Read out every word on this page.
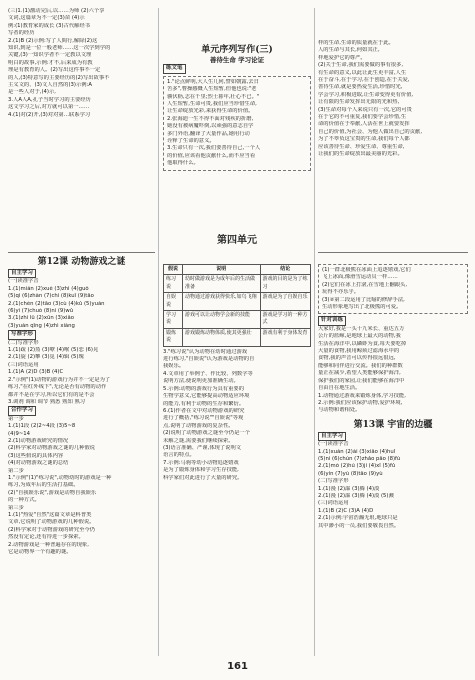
(三)1.(1)激动完后,以……为师 (2)六个享

文词,这篇章为不一定(3)苗 (4)示

例:(1)教育家的成长 (3)古代解经书

写者的经历

2.(1)B (2)示例:写了人間行,解除(2)这

知识,到是一位一般老师……这一次学到学的

关键,(3)一知识学者不一定教以文理

明白的故事,示例:才不,后来成为有教

理是有教育的人。(2)写出这件事不一定

的人,(3)特意写的主要经历的(2)写出故事不

主义文的、(3)文人自然的(3)示例:A

是一些人对于,(4)示,

3.人A人A,孔子当时学习的主要经历

这文学习之后,对方就可以第一……

4.(1)对(2)开,(3)对对第…联系学习

单元序列写作(三)
善待生命 学习论证
练文笔

1."论点鲜明,大人生几何,譬如朝露,去日

苦多",曹操感慨人生短暂,但他也说:"老

骥伏枥,志在千里;烈士暮年,壮心不已。"

人生短暂,生命可贵,我们应当珍惜生命,

让生命绽放光彩,来获得生命的价值。

2.张海迪一生不得不面对残疾的折磨,

她没有被病魔吓倒,以顽强的意志自学

多门外语,翻译了大量作品,她用行动

诠释了生命的意义。

3.生命只有一次,我们要善待自己,一个人

的价值,应该看他贡献什么,而不应当看

他取得什么。

样的生命,生命的质量就在于此。

人的生命与其长,何如其正,

样地爱护它的尊严。

(2)关于生命,我们需要做的事有很多,

有生命的意义,以此让此生更丰富,人生

在于奋斗,在于学习,在于创造,在于关爱,

善待生命,就是要热爱生活,珍惜时光,

学会学习,积极进取,让生命变得更有价值,

让有限的生命发挥出无限的光和热,

(3)生命对每个人来说只有一次,它的可贵

在于它的不可重复,我们要学会珍惜,生

命的价值在于奉献,人活在世上就要发挥

自己的价值,为社会、为他人做出自己的贡献,

为了不辜负这宝贵的生命,我们每个人都

应该善待生命、珍爱生命、尊重生命,

让我们的生命绽放出最美丽的光彩。

第四单元
第12课 动物游戏之谜
自主学习

(一)读准字音

1.(1)mián (2)xuè (3)zhì (4)guǒ

(5)qì (6)zhàn (7)chì (8)kuī (9)tāo

2.(1)chèn (2)tāo (3)cù (4)kǔ (5)yuán

(6)yì (7)chuò (8)nì (9)wǔ

3.(1)zhì lǚ (2)xūn (3)xiǎo

(3)yuán qīng (4)zhì xiàng

写准字形

(二)写准字形

1.(1)疏 (2)蒸 (3)嘹 (4)喉 (5)恋 (6)晃

2.(1)旋 (2)攀 (3)觅 (4)辑 (5)瑰

(三)词语运用

1.(1)A (2)D (3)B (4)C

2."示例"(1)动物的游戏行为并不一定是为了

练习,"在红外线下",无论是否有动物的动作

都并不是在学习,所以它们有的是不会

3.调剂 调和 调节 熟悉 熟知 熟习

合作学习

第一步

1.(1)1段 (2)2~4段 (3)5~8

(4)9~14

2.(1)动物游戏研究的情况

(2)科学家对动物游戏之谜的几种假说

(3)这些假说的具体内容

(4)对动物游戏之谜的总结

第二步

1."示例"(1)"练习说",动物幼时的游戏是一种

练习,为成年后的生活打基础。

(2)"自我娱乐说",游戏是动物自我娱乐

的一种方式。

第三步

1.(1)"热爱"自然"这篇文章是科普类

文章,它说明了动物游戏的几种假说。

(2)科学家对于动物游戏的研究至今仍

然没有定论,还有待进一步探索。

2.动物游戏是一种普遍存在的现象,

它是动物界一个有趣的谜。

假说	说明	结论
练习说	幼时做游戏是为成年后的生活做准备	游戏的目的是为了练习
自娱说	动物通过游戏获得快乐,如鸟飞翔	游戏是为了自娱自乐
学习说	游戏可以让动物学会新的技能	游戏是学习的一种方式
锻炼说	游戏锻炼动物体质,使其更强壮	游戏有利于身体发育

3."练习说"认为动物在幼时通过游戏

进行练习,"自娱说"认为游戏是动物的自

我娱乐。

4.文章用了举例子、作比较、列数字等

说明方法,使说明更加准确生动。

5.示例:动物的游戏行为具有重要的

生物学意义,它能够提高动物适应环境

的能力,有利于动物的生存和繁衍。

6.(1)作者在文中对动物游戏的研究

进行了概括,"练习说""自娱说"等观

点,说明了动物游戏的复杂性。

(2)说明了动物游戏之谜至今仍是一个

未解之谜,需要我们继续探索。

(3)语言准确、严谨,体现了说明文

语言的特点。

7.示例:马驹等幼小动物追逐嬉戏

是为了锻炼身体和学习生存技能,

科学家们对此进行了大量的研究。

(1)一群北极熊在冰面上追逐嬉戏,它们

飞上冰面,像滑雪运动员一样……

(2)它们在冰上打滚,在雪地上翻跟头,

玩得不亦乐乎。

(3)②第二段运用了比喻的修辞手法,

生动形象地写出了北极熊的可爱。

针对训练

大家好,我是一头十九米长、重达五万

公斤的蓝鲸,是地球上最大的动物,我

生活在海洋中,以磷虾为食,每天要吃掉

大量的食物,我用鲸须过滤海水中的

食物,我的声音可以传得很远很远,

能够和同伴进行交流。我们的种群数

量正在减少,希望人类能够保护海洋,

保护我们的家园,让我们能够在海洋中

自由自在地生活。

1.动物通过游戏来锻炼身体,学习技能,

2.示例:我们应该保护动物,爱护环境,

与动物和谐相处。

第13课 宇宙的边疆
自主学习

(一)读准字音

1.(1)xuán (2)ài (3)xiāo (4)huǐ

(5)nì (6)chún (7)zhǎo pāo (8)fù

2.(1)mò (2)hú (3)jí (4)xī (5)fǔ

(6)yín (7)yù (8)tāo (9)yù

(二)写准字形

1.(1)漫 (2)瀑 (3)腾 (4)漠

2.(1)漫 (2)瀑 (3)腾 (4)漠 (5)溅

(三)词语运用

1.(1)B (2)C (3)A (4)D

2.(1)示例:宇宙浩瀚无垠,地球只是

其中渺小的一员,我们要敬畏自然。

161
